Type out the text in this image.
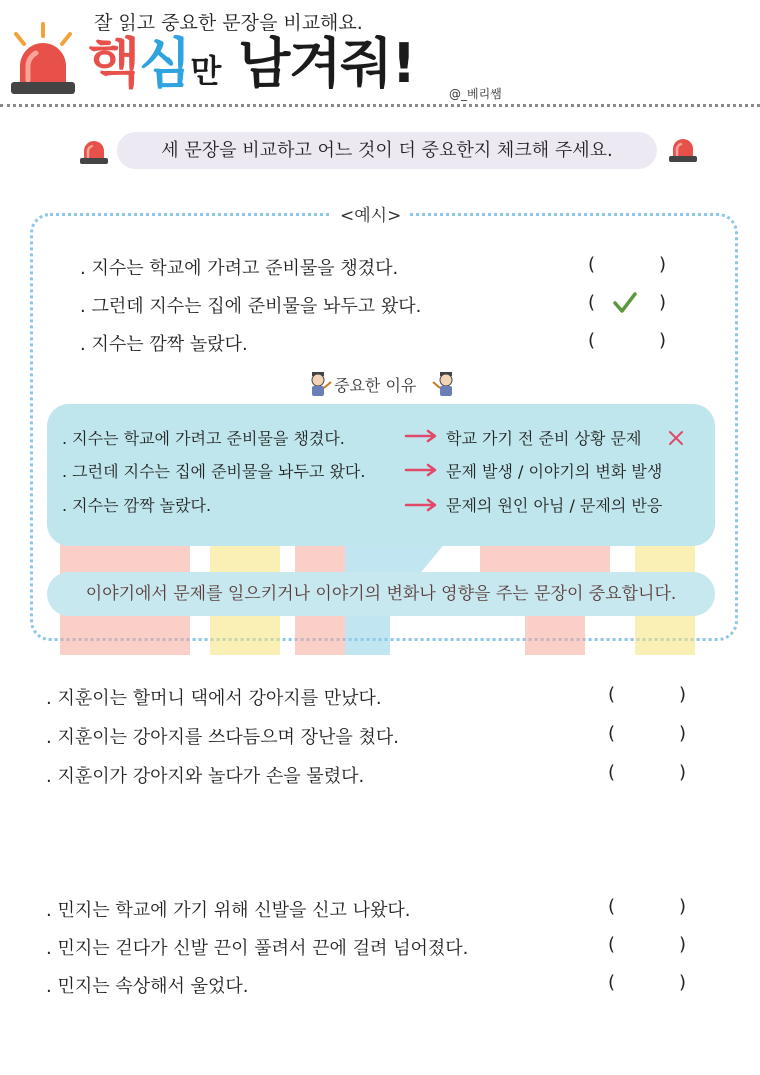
잘 읽고 중요한 문장을 비교해요.
핵심만 남겨줘!	@_베리쌤
세 문장을 비교하고 어느 것이 더 중요한지 체크해 주세요.
<예시>
. 지수는 학교에 가려고 준비물을 챙겼다.	(	)
. 그런데 지수는 집에 준비물을 놔두고 왔다.	(	)
. 지수는 깜짝 놀랐다.	(	)
중요한 이유
. 지수는 학교에 가려고 준비물을 챙겼다.	학교 가기 전 준비 상황 문제
. 그런데 지수는 집에 준비물을 놔두고 왔다.	문제 발생 / 이야기의 변화 발생
. 지수는 깜짝 놀랐다.	문제의 원인 아님 / 문제의 반응
이야기에서 문제를 일으키거나 이야기의 변화나 영향을 주는 문장이 중요합니다.
. 지훈이는 할머니 댁에서 강아지를 만났다.	(	)
. 지훈이는 강아지를 쓰다듬으며 장난을 쳤다.	(	)
. 지훈이가 강아지와 놀다가 손을 물렸다.	(	)
. 민지는 학교에 가기 위해 신발을 신고 나왔다.	(	)
. 민지는 걷다가 신발 끈이 풀려서 끈에 걸려 넘어졌다.	(	)
. 민지는 속상해서 울었다.	(	)
